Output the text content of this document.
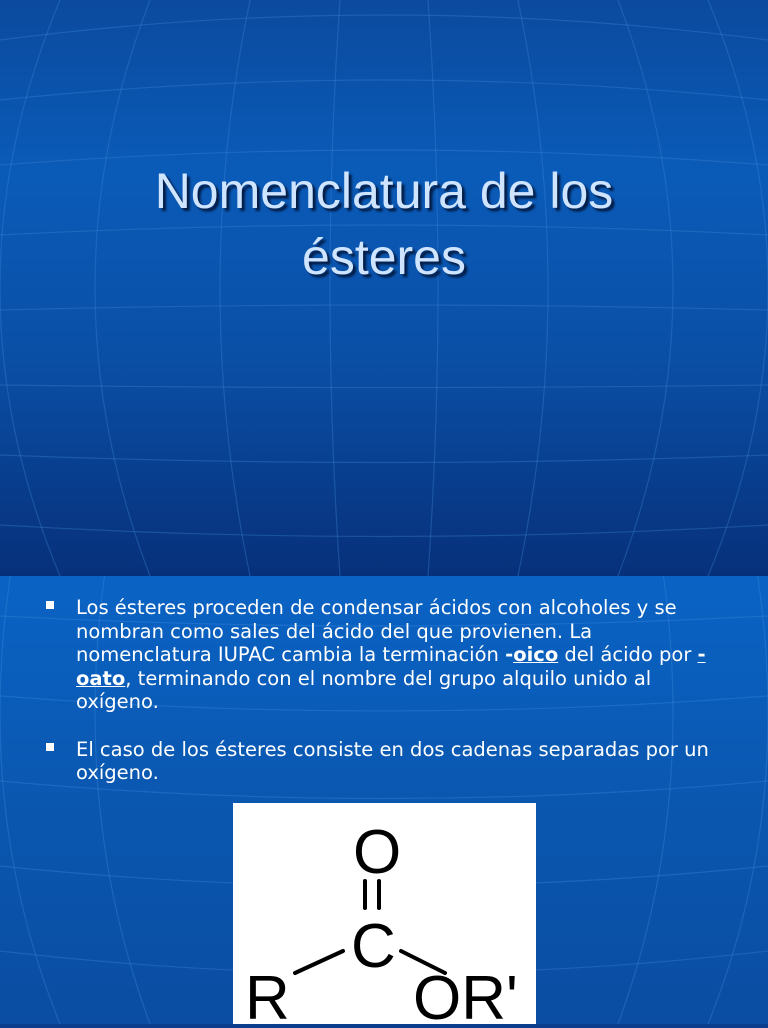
Nomenclatura de los
ésteres
Los ésteres proceden de condensar ácidos con alcoholes y se nombran como sales del ácido del que provienen. La nomenclatura IUPAC cambia la terminación -oico del ácido por -oato, terminando con el nombre del grupo alquilo unido al oxígeno.
El caso de los ésteres consiste en dos cadenas separadas por un oxígeno.
O
C
R OR'
